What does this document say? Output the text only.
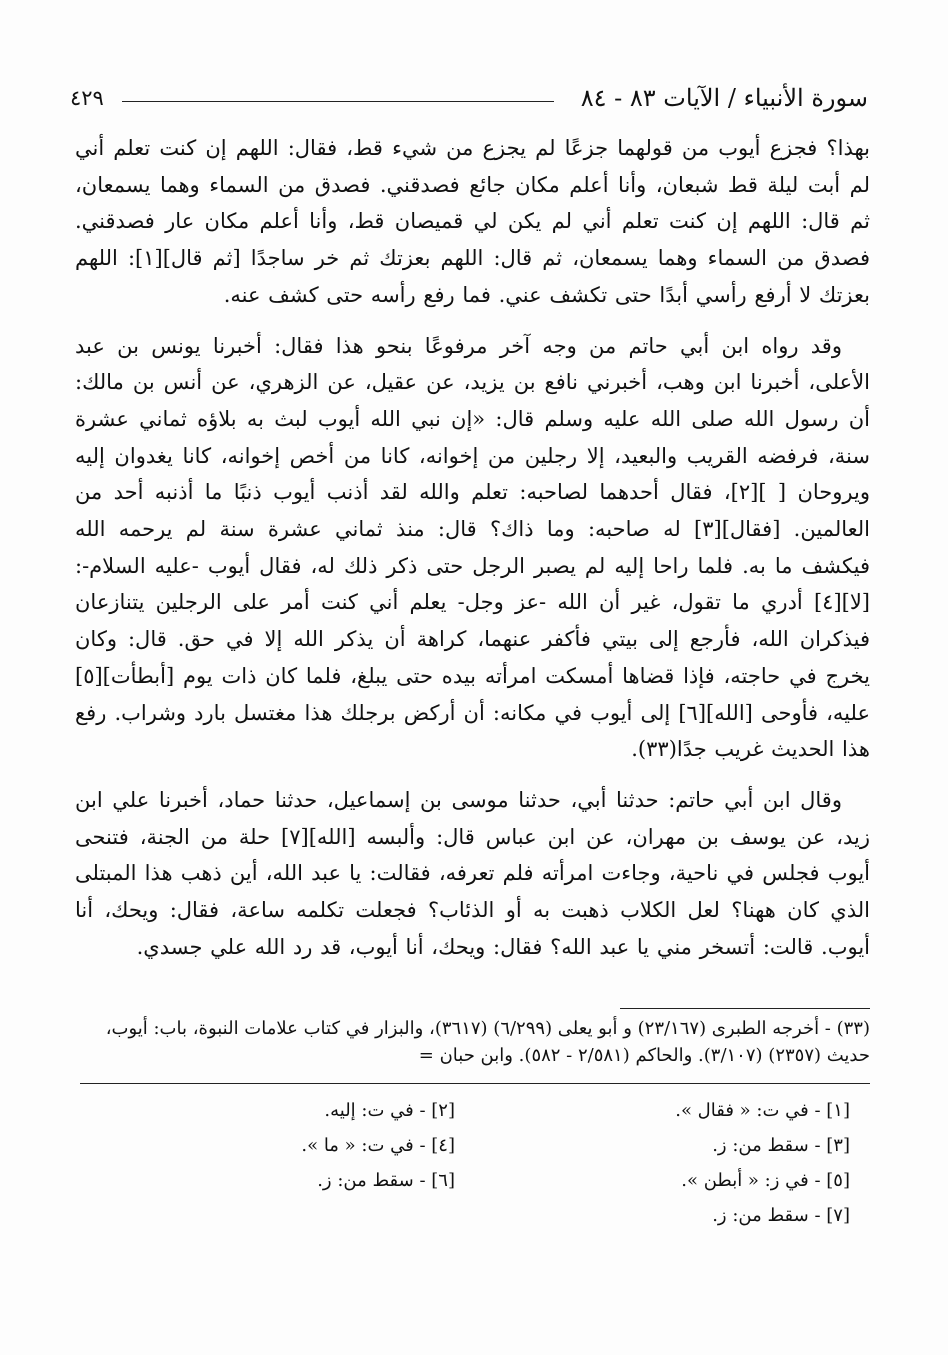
سورة الأنبياء / الآيات ٨٣ - ٨٤
٤٢٩

بهذا؟ فجزع أيوب من قولهما جزعًا لم يجزع من شيء قط، فقال: اللهم إن كنت تعلم أني لم أبت ليلة قط شبعان، وأنا أعلم مكان جائع فصدقني. فصدق من السماء وهما يسمعان، ثم قال: اللهم إن كنت تعلم أني لم يكن لي قميصان قط، وأنا أعلم مكان عار فصدقني. فصدق من السماء وهما يسمعان، ثم قال: اللهم بعزتك ثم خر ساجدًا [ثم قال][١]: اللهم بعزتك لا أرفع رأسي أبدًا حتى تكشف عني. فما رفع رأسه حتى كشف عنه.

وقد رواه ابن أبي حاتم من وجه آخر مرفوعًا بنحو هذا فقال: أخبرنا يونس بن عبد الأعلى، أخبرنا ابن وهب، أخبرني نافع بن يزيد، عن عقيل، عن الزهري، عن أنس بن مالك: أن رسول الله صلى الله عليه وسلم قال: «إن نبي الله أيوب لبث به بلاؤه ثماني عشرة سنة، فرفضه القريب والبعيد، إلا رجلين من إخوانه، كانا من أخص إخوانه، كانا يغدوان إليه ويروحان [ ][٢]، فقال أحدهما لصاحبه: تعلم والله لقد أذنب أيوب ذنبًا ما أذنبه أحد من العالمين. [فقال][٣] له صاحبه: وما ذاك؟ قال: منذ ثماني عشرة سنة لم يرحمه الله فيكشف ما به. فلما راحا إليه لم يصبر الرجل حتى ذكر ذلك له، فقال أيوب -عليه السلام-: [لا][٤] أدري ما تقول، غير أن الله -عز وجل- يعلم أني كنت أمر على الرجلين يتنازعان فيذكران الله، فأرجع إلى بيتي فأكفر عنهما، كراهة أن يذكر الله إلا في حق. قال: وكان يخرج في حاجته، فإذا قضاها أمسكت امرأته بيده حتى يبلغ، فلما كان ذات يوم [أبطأت][٥] عليه، فأوحى [الله][٦] إلى أيوب في مكانه: أن أركض برجلك هذا مغتسل بارد وشراب. رفع هذا الحديث غريب جدًا(٣٣).

وقال ابن أبي حاتم: حدثنا أبي، حدثنا موسى بن إسماعيل، حدثنا حماد، أخبرنا علي ابن زيد، عن يوسف بن مهران، عن ابن عباس قال: وألبسه [الله][٧] حلة من الجنة، فتنحى أيوب فجلس في ناحية، وجاءت امرأته فلم تعرفه، فقالت: يا عبد الله، أين ذهب هذا المبتلى الذي كان ههنا؟ لعل الكلاب ذهبت به أو الذئاب؟ فجعلت تكلمه ساعة، فقال: ويحك، أنا أيوب. قالت: أتسخر مني يا عبد الله؟ فقال: ويحك، أنا أيوب، قد رد الله علي جسدي.

(٣٣) - أخرجه الطبرى (٢٣/١٦٧) و أبو يعلى (٦/٢٩٩) (٣٦١٧)، والبزار في كتاب علامات النبوة، باب: أيوب، حديث (٢٣٥٧) (٣/١٠٧). والحاكم (٢/٥٨١ - ٥٨٢). وابن حبان =

[١] - في ت: « فقال ».
[٢] - في ت: إليه.
[٣] - سقط من: ز.
[٤] - في ت: « ما ».
[٥] - في ز: « أبطن ».
[٦] - سقط من: ز.
[٧] - سقط من: ز.
